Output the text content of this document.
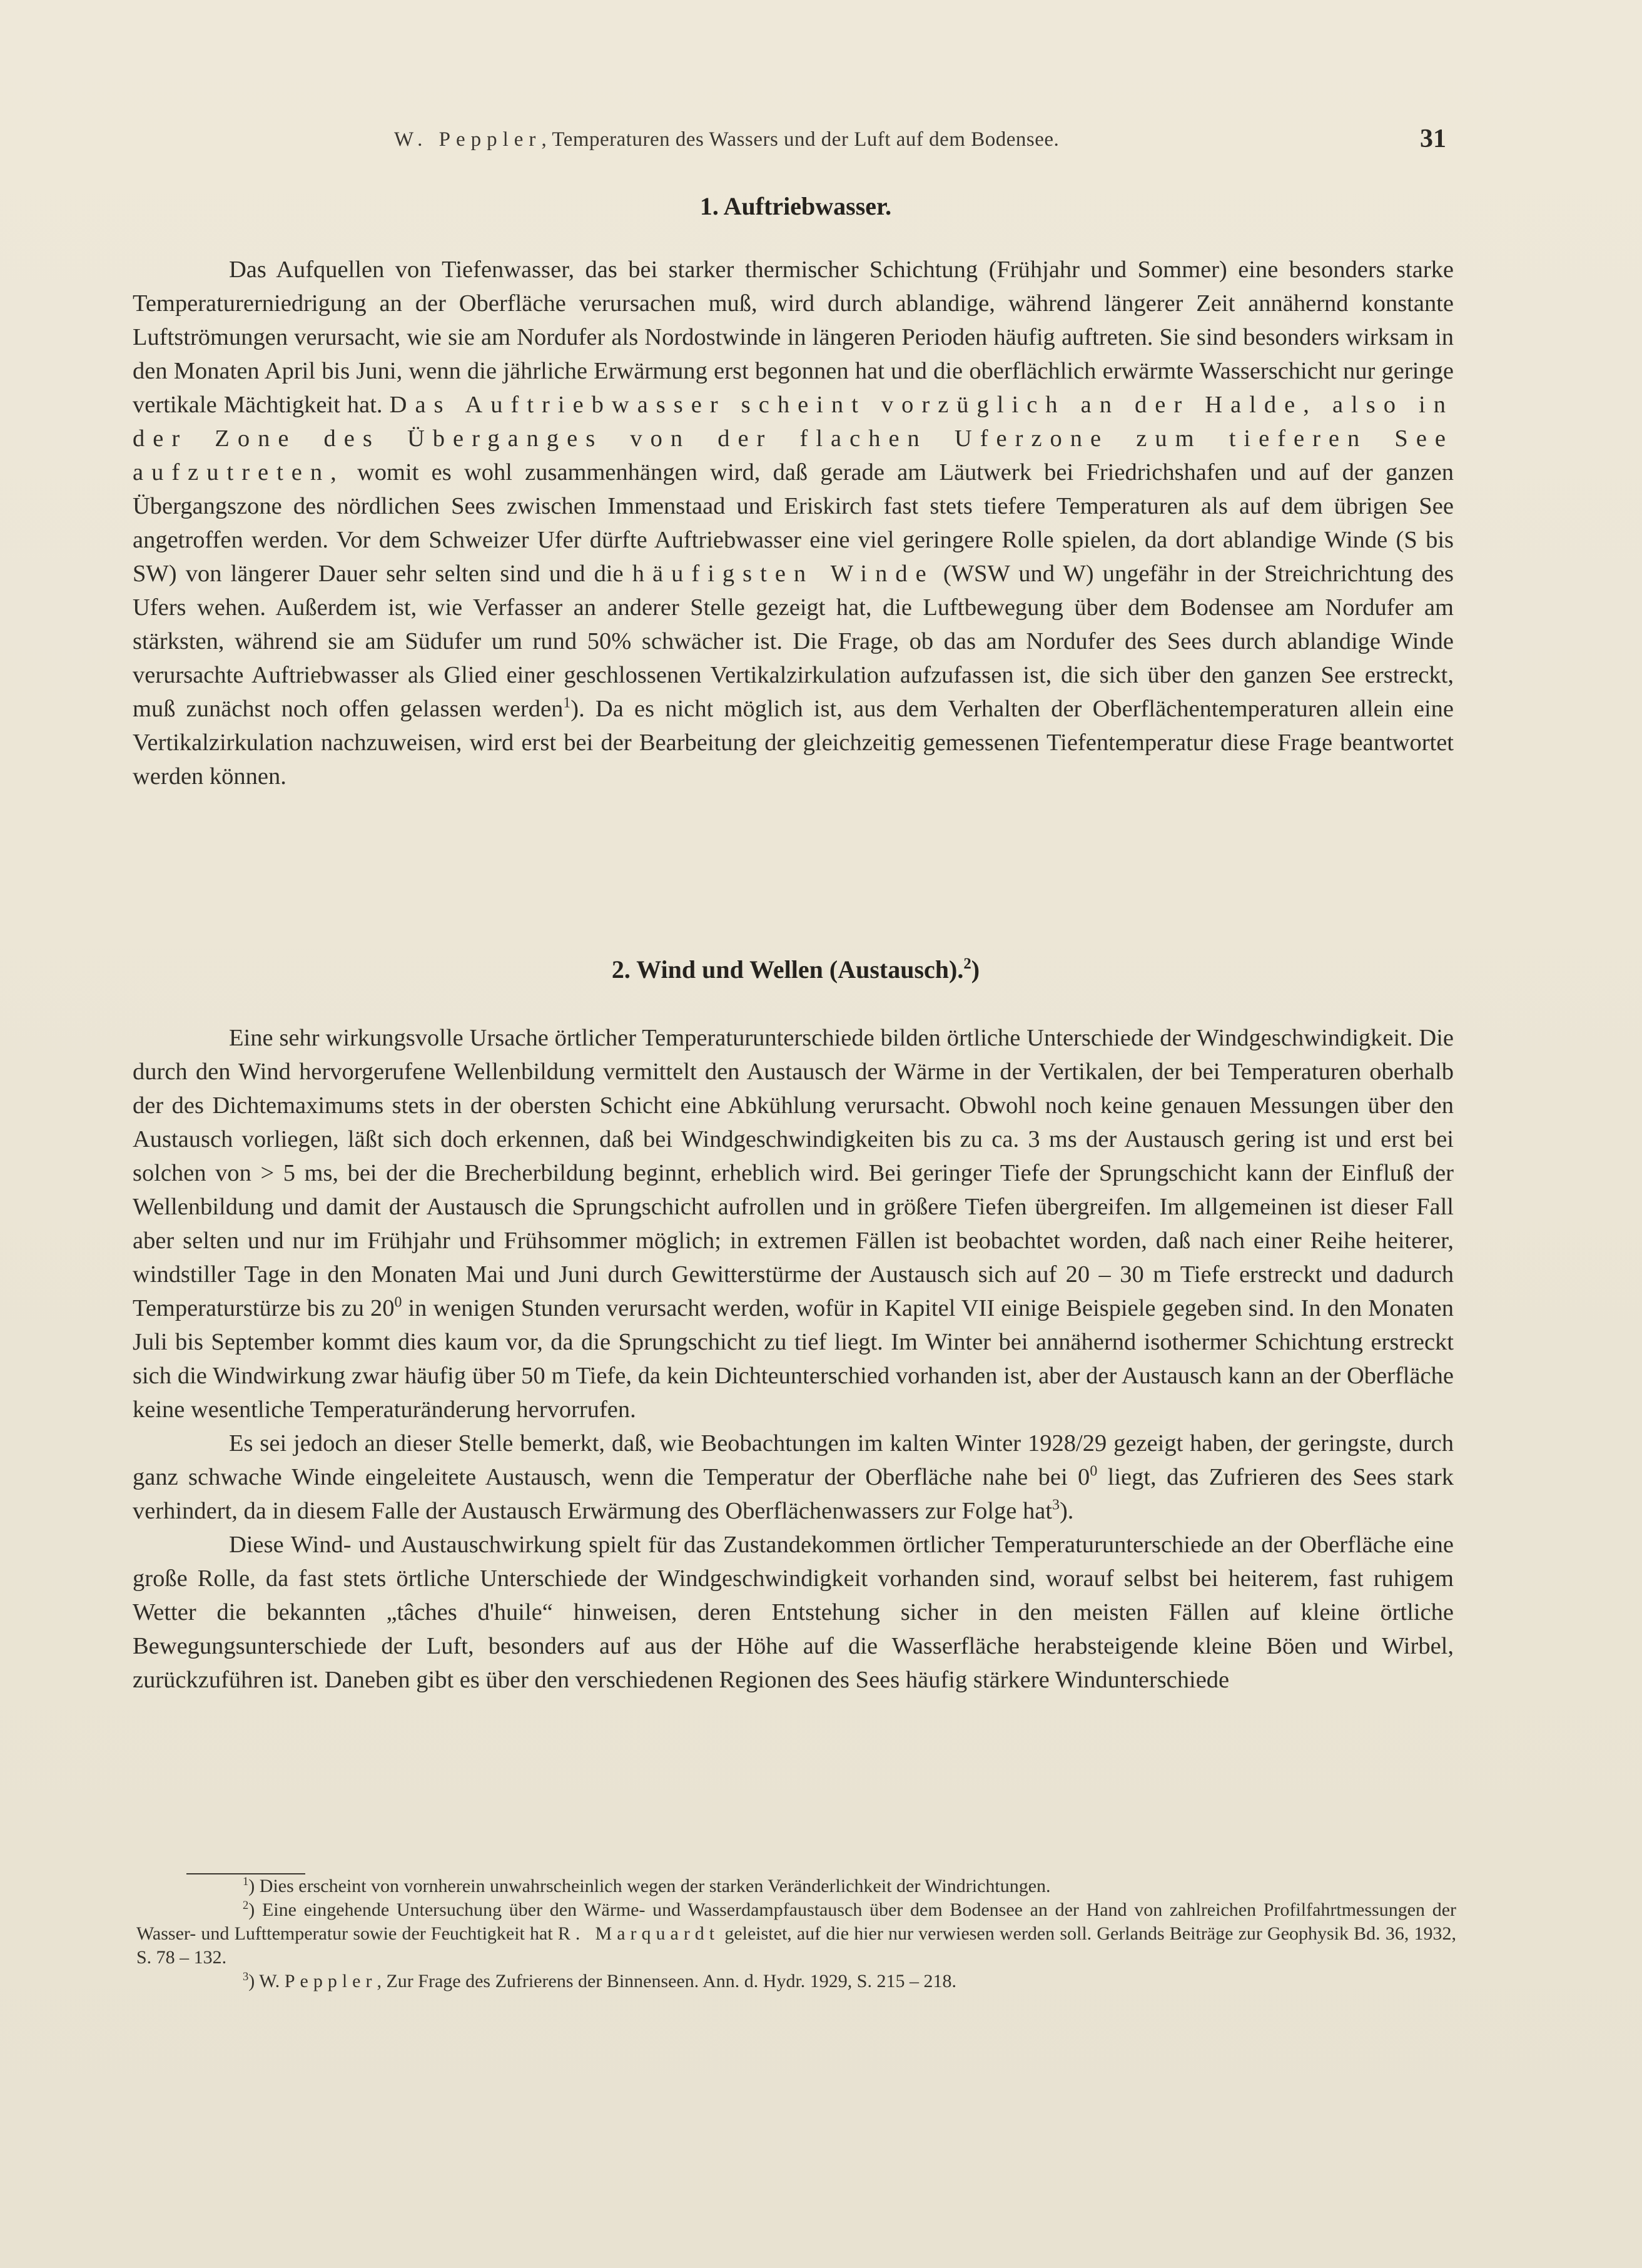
W. Peppler, Temperaturen des Wassers und der Luft auf dem Bodensee.	31
1. Auftriebwasser.

Das Aufquellen von Tiefenwasser, das bei starker thermischer Schichtung (Frühjahr und Sommer) eine besonders starke Temperaturerniedrigung an der Oberfläche verursachen muß, wird durch ablandige, während längerer Zeit annähernd konstante Luftströmungen verursacht, wie sie am Nordufer als Nordostwinde in längeren Perioden häufig auftreten. Sie sind besonders wirksam in den Monaten April bis Juni, wenn die jährliche Erwärmung erst begonnen hat und die oberflächlich erwärmte Wasserschicht nur geringe vertikale Mächtigkeit hat. Das Auftriebwasser scheint vorzüglich an der Halde, also in der Zone des Überganges von der flachen Uferzone zum tieferen See aufzutreten, womit es wohl zusammenhängen wird, daß gerade am Läutwerk bei Friedrichshafen und auf der ganzen Übergangszone des nördlichen Sees zwischen Immenstaad und Eriskirch fast stets tiefere Temperaturen als auf dem übrigen See angetroffen werden. Vor dem Schweizer Ufer dürfte Auftriebwasser eine viel geringere Rolle spielen, da dort ablandige Winde (S bis SW) von längerer Dauer sehr selten sind und die häufigsten Winde (WSW und W) ungefähr in der Streichrichtung des Ufers wehen. Außerdem ist, wie Verfasser an anderer Stelle gezeigt hat, die Luftbewegung über dem Bodensee am Nordufer am stärksten, während sie am Südufer um rund 50% schwächer ist. Die Frage, ob das am Nordufer des Sees durch ablandige Winde verursachte Auftriebwasser als Glied einer geschlossenen Vertikalzirkulation aufzufassen ist, die sich über den ganzen See erstreckt, muß zunächst noch offen gelassen werden$^1$). Da es nicht möglich ist, aus dem Verhalten der Oberflächentemperaturen allein eine Vertikalzirkulation nachzuweisen, wird erst bei der Bearbeitung der gleichzeitig gemessenen Tiefentemperatur diese Frage beantwortet werden können.

2. Wind und Wellen (Austausch).$^2$)

Eine sehr wirkungsvolle Ursache örtlicher Temperaturunterschiede bilden örtliche Unterschiede der Windgeschwindigkeit. Die durch den Wind hervorgerufene Wellenbildung vermittelt den Austausch der Wärme in der Vertikalen, der bei Temperaturen oberhalb der des Dichtemaximums stets in der obersten Schicht eine Abkühlung verursacht. Obwohl noch keine genauen Messungen über den Austausch vorliegen, läßt sich doch erkennen, daß bei Windgeschwindigkeiten bis zu ca. 3 ms der Austausch gering ist und erst bei solchen von > 5 ms, bei der die Brecherbildung beginnt, erheblich wird. Bei geringer Tiefe der Sprungschicht kann der Einfluß der Wellenbildung und damit der Austausch die Sprungschicht aufrollen und in größere Tiefen übergreifen. Im allgemeinen ist dieser Fall aber selten und nur im Frühjahr und Frühsommer möglich; in extremen Fällen ist beobachtet worden, daß nach einer Reihe heiterer, windstiller Tage in den Monaten Mai und Juni durch Gewitterstürme der Austausch sich auf 20 – 30 m Tiefe erstreckt und dadurch Temperaturstürze bis zu $20^0$ in wenigen Stunden verursacht werden, wofür in Kapitel VII einige Beispiele gegeben sind. In den Monaten Juli bis September kommt dies kaum vor, da die Sprungschicht zu tief liegt. Im Winter bei annähernd isothermer Schichtung erstreckt sich die Windwirkung zwar häufig über 50 m Tiefe, da kein Dichteunterschied vorhanden ist, aber der Austausch kann an der Oberfläche keine wesentliche Temperaturänderung hervorrufen.

Es sei jedoch an dieser Stelle bemerkt, daß, wie Beobachtungen im kalten Winter 1928/29 gezeigt haben, der geringste, durch ganz schwache Winde eingeleitete Austausch, wenn die Temperatur der Oberfläche nahe bei $0^0$ liegt, das Zufrieren des Sees stark verhindert, da in diesem Falle der Austausch Erwärmung des Oberflächenwassers zur Folge hat$^3$).

Diese Wind- und Austauschwirkung spielt für das Zustandekommen örtlicher Temperaturunterschiede an der Oberfläche eine große Rolle, da fast stets örtliche Unterschiede der Windgeschwindigkeit vorhanden sind, worauf selbst bei heiterem, fast ruhigem Wetter die bekannten „tâches d'huile“ hinweisen, deren Entstehung sicher in den meisten Fällen auf kleine örtliche Bewegungsunterschiede der Luft, besonders auf aus der Höhe auf die Wasserfläche herabsteigende kleine Böen und Wirbel, zurückzuführen ist. Daneben gibt es über den verschiedenen Regionen des Sees häufig stärkere Windunterschiede

$^1$) Dies erscheint von vornherein unwahrscheinlich wegen der starken Veränderlichkeit der Windrichtungen.

$^2$) Eine eingehende Untersuchung über den Wärme- und Wasserdampfaustausch über dem Bodensee an der Hand von zahlreichen Profilfahrtmessungen der Wasser- und Lufttemperatur sowie der Feuchtigkeit hat R. Marquardt geleistet, auf die hier nur verwiesen werden soll. Gerlands Beiträge zur Geophysik Bd. 36, 1932, S. 78 – 132.

$^3$) W. Peppler, Zur Frage des Zufrierens der Binnenseen. Ann. d. Hydr. 1929, S. 215 – 218.
